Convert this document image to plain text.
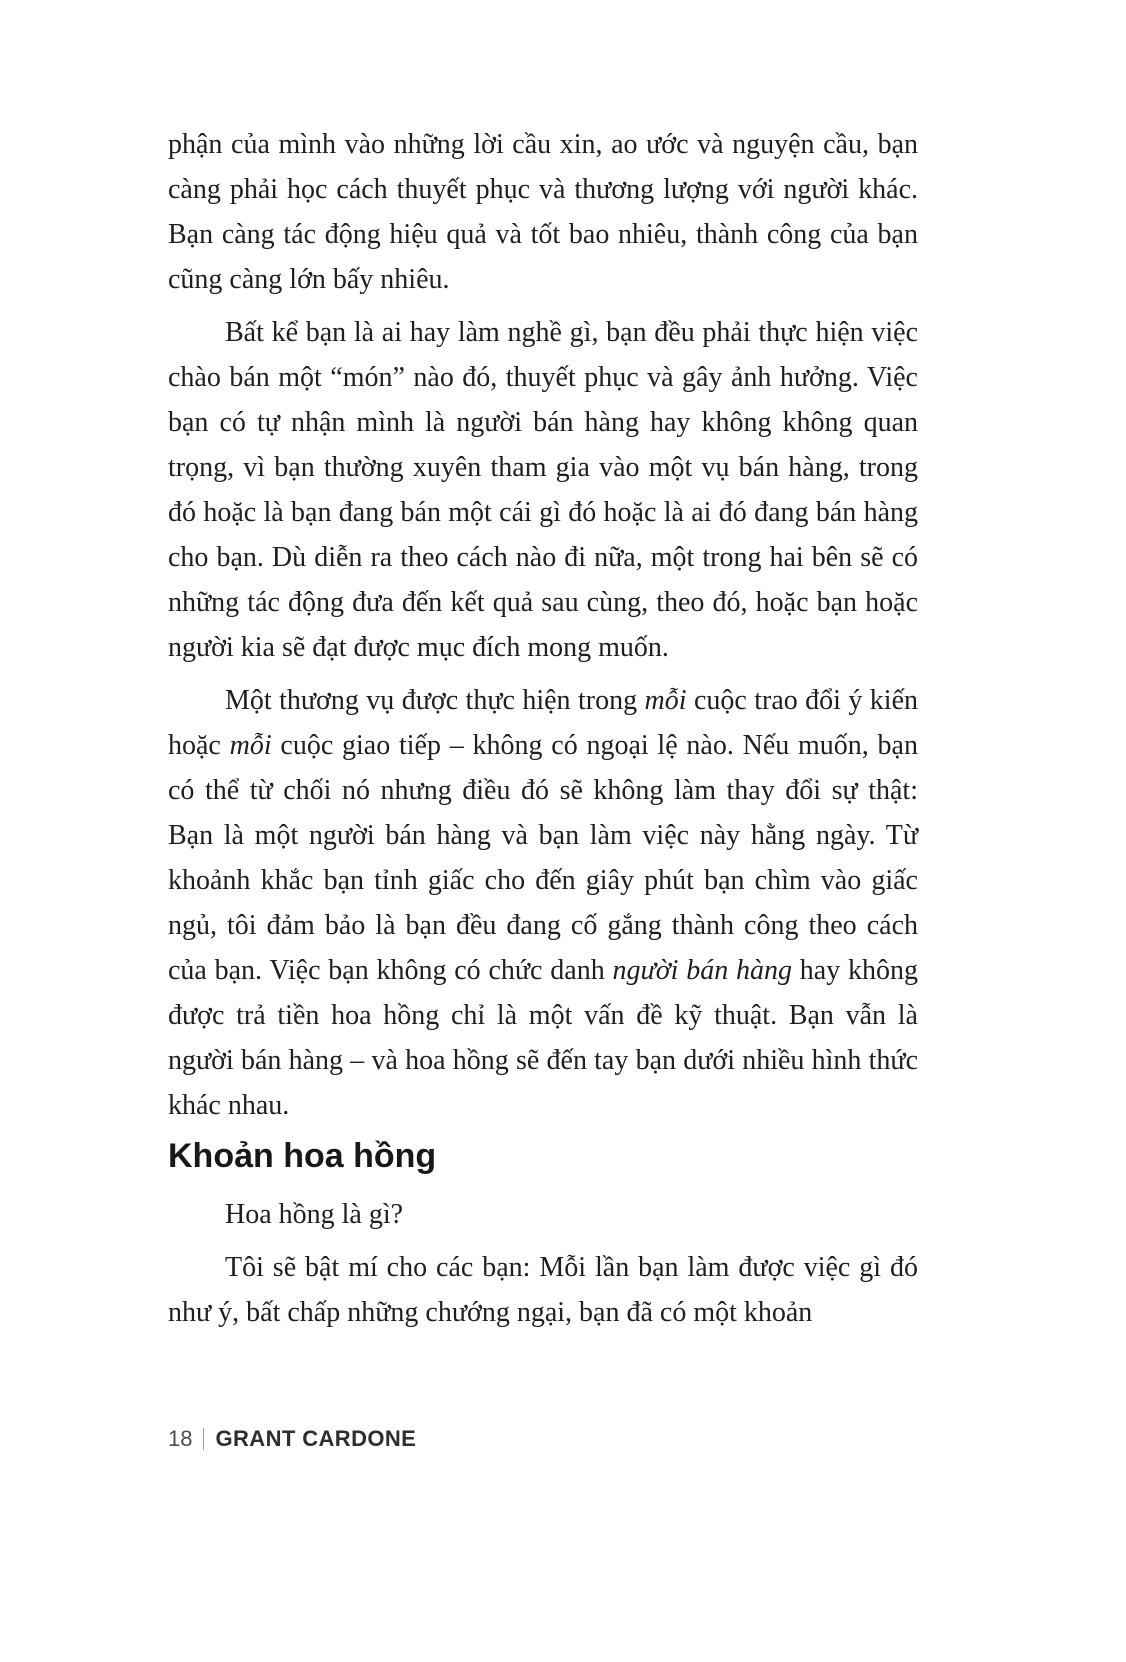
phận của mình vào những lời cầu xin, ao ước và nguyện cầu, bạn càng phải học cách thuyết phục và thương lượng với người khác. Bạn càng tác động hiệu quả và tốt bao nhiêu, thành công của bạn cũng càng lớn bấy nhiêu.

Bất kể bạn là ai hay làm nghề gì, bạn đều phải thực hiện việc chào bán một “món” nào đó, thuyết phục và gây ảnh hưởng. Việc bạn có tự nhận mình là người bán hàng hay không không quan trọng, vì bạn thường xuyên tham gia vào một vụ bán hàng, trong đó hoặc là bạn đang bán một cái gì đó hoặc là ai đó đang bán hàng cho bạn. Dù diễn ra theo cách nào đi nữa, một trong hai bên sẽ có những tác động đưa đến kết quả sau cùng, theo đó, hoặc bạn hoặc người kia sẽ đạt được mục đích mong muốn.

Một thương vụ được thực hiện trong mỗi cuộc trao đổi ý kiến hoặc mỗi cuộc giao tiếp – không có ngoại lệ nào. Nếu muốn, bạn có thể từ chối nó nhưng điều đó sẽ không làm thay đổi sự thật: Bạn là một người bán hàng và bạn làm việc này hằng ngày. Từ khoảnh khắc bạn tỉnh giấc cho đến giây phút bạn chìm vào giấc ngủ, tôi đảm bảo là bạn đều đang cố gắng thành công theo cách của bạn. Việc bạn không có chức danh người bán hàng hay không được trả tiền hoa hồng chỉ là một vấn đề kỹ thuật. Bạn vẫn là người bán hàng – và hoa hồng sẽ đến tay bạn dưới nhiều hình thức khác nhau.

Khoản hoa hồng

Hoa hồng là gì?

Tôi sẽ bật mí cho các bạn: Mỗi lần bạn làm được việc gì đó như ý, bất chấp những chướng ngại, bạn đã có một khoản

18 GRANT CARDONE
